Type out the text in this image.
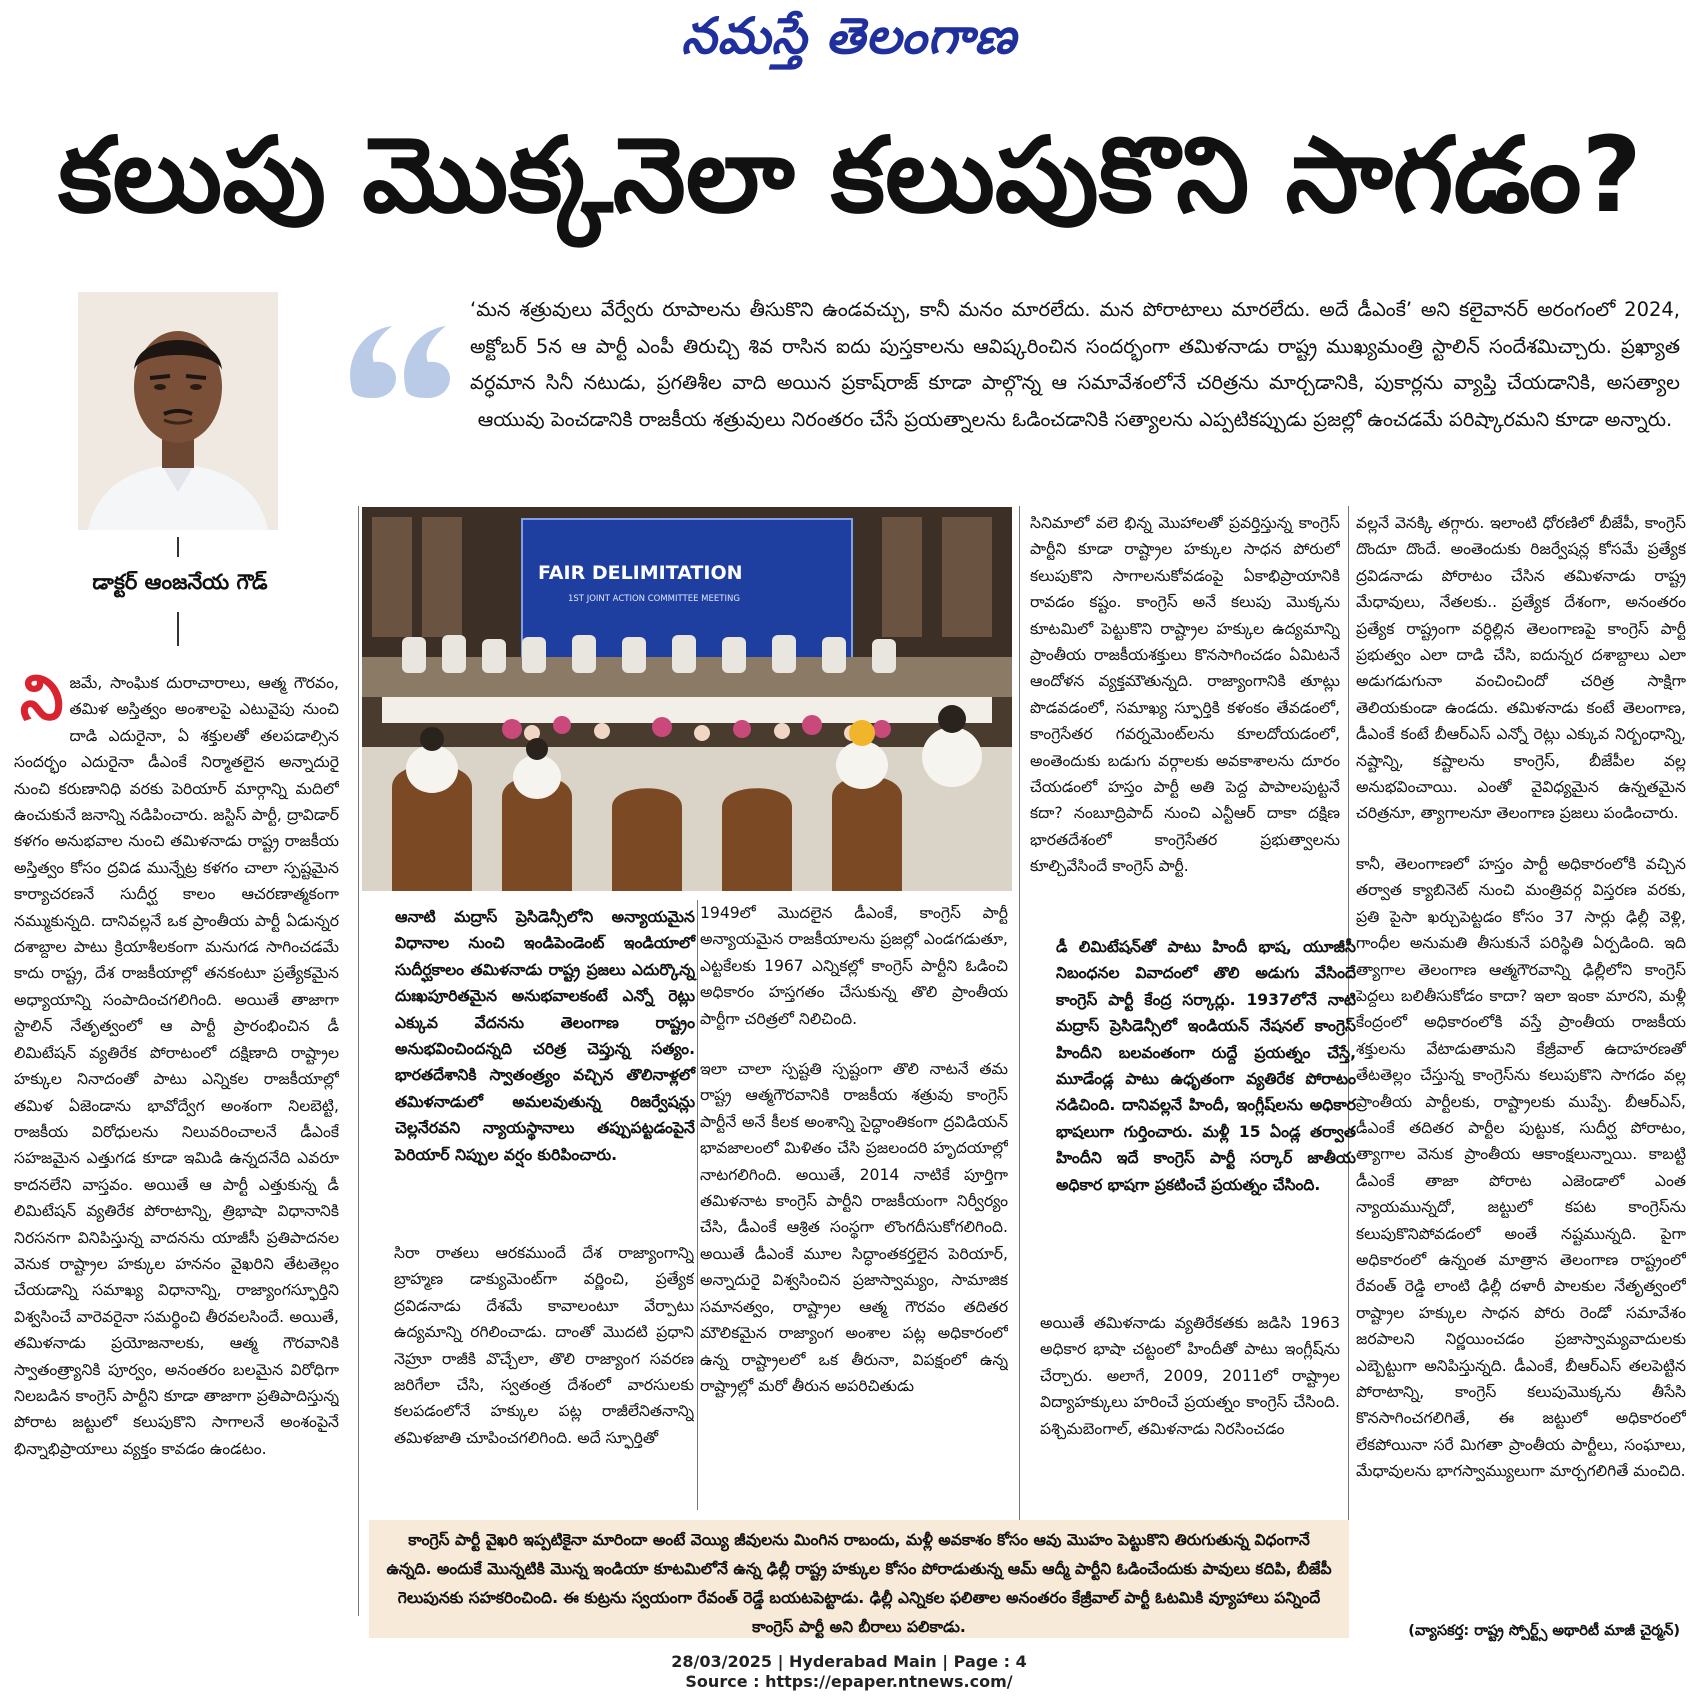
నమస్తే తెలంగాణ
కలుపు మొక్కనెలా కలుపుకొని సాగడం?
డాక్టర్ ఆంజనేయ గౌడ్
‘మన శత్రువులు వేర్వేరు రూపాలను తీసుకొని ఉండవచ్చు, కానీ మనం మారలేదు. మన పోరాటాలు మారలేదు. అదే డీఎంకే’ అని కలైవానర్ అరంగంలో 2024, అక్టోబర్ 5న ఆ పార్టీ ఎంపీ తిరుచ్చి శివ రాసిన ఐదు పుస్తకాలను ఆవిష్కరించిన సందర్భంగా తమిళనాడు రాష్ట్ర ముఖ్యమంత్రి స్టాలిన్ సందేశమిచ్చారు. ప్రఖ్యాత వర్ధమాన సినీ నటుడు, ప్రగతిశీల వాది అయిన ప్రకాష్‌రాజ్ కూడా పాల్గొన్న ఆ సమావేశంలోనే చరిత్రను మార్చడానికి, పుకార్లను వ్యాప్తి చేయడానికి, అసత్యాల ఆయువు పెంచడానికి రాజకీయ శత్రువులు నిరంతరం చేసే ప్రయత్నాలను ఓడించడానికి సత్యాలను ఎప్పటికప్పుడు ప్రజల్లో ఉంచడమే పరిష్కారమని కూడా అన్నారు.
FAIR DELIMITATION
1ST JOINT ACTION COMMITTEE MEETING

నిజమే, సాంఘిక దురాచారాలు, ఆత్మ గౌరవం, తమిళ అస్తిత్వం అంశాలపై ఎటువైపు నుంచి దాడి ఎదురైనా, ఏ శక్తులతో తలపడాల్సిన సందర్భం ఎదురైనా డీఎంకే నిర్మాతలైన అన్నాదురై నుంచి కరుణానిధి వరకు పెరియార్ మార్గాన్ని మదిలో ఉంచుకునే జనాన్ని నడిపించారు. జస్టిస్ పార్టీ, ద్రావిడార్ కళగం అనుభవాల నుంచి తమిళనాడు రాష్ట్ర రాజకీయ అస్తిత్వం కోసం ద్రవిడ మున్నేట్ర కళగం చాలా స్పష్టమైన కార్యాచరణనే సుదీర్ఘ కాలం ఆచరణాత్మకంగా నమ్ముకున్నది. దానివల్లనే ఒక ప్రాంతీయ పార్టీ ఏడున్నర దశాబ్దాల పాటు క్రియాశీలకంగా మనుగడ సాగించడమే కాదు రాష్ట్ర, దేశ రాజకీయాల్లో తనకంటూ ప్రత్యేకమైన అధ్యాయాన్ని సంపాదించగలిగింది. అయితే తాజాగా స్టాలిన్ నేతృత్వంలో ఆ పార్టీ ప్రారంభించిన డీ లిమిటేషన్ వ్యతిరేక పోరాటంలో దక్షిణాది రాష్ట్రాల హక్కుల నినాదంతో పాటు ఎన్నికల రాజకీయాల్లో తమిళ ఏజెండాను భావోద్వేగ అంశంగా నిలబెట్టి, రాజకీయ విరోధులను నిలువరించాలనే డీఎంకే సహజమైన ఎత్తుగడ కూడా ఇమిడి ఉన్నదనేది ఎవరూ కాదనలేని వాస్తవం. అయితే ఆ పార్టీ ఎత్తుకున్న డీ లిమిటేషన్ వ్యతిరేక పోరాటాన్ని, త్రిభాషా విధానానికి నిరసనగా వినిపిస్తున్న వాదనను యాజీసీ ప్రతిపాదనల వెనుక రాష్ట్రాల హక్కుల హననం వైఖరిని తేటతెల్లం చేయడాన్ని సమాఖ్య విధానాన్ని, రాజ్యాంగస్ఫూర్తిని విశ్వసించే వారెవరైనా సమర్థించి తీరవలసిందే. అయితే, తమిళనాడు ప్రయోజనాలకు, ఆత్మ గౌరవానికి స్వాతంత్ర్యానికి పూర్వం, అనంతరం బలమైన విరోధిగా నిలబడిన కాంగ్రెస్ పార్టీని కూడా తాజాగా ప్రతిపాదిస్తున్న పోరాట జట్టులో కలుపుకొని సాగాలనే అంశంపైనే భిన్నాభిప్రాయాలు వ్యక్తం కావడం ఉండటం.

ఆనాటి మద్రాస్ ప్రెసిడెన్సీలోని అన్యాయమైన విధానాల నుంచి ఇండిపెండెంట్ ఇండియాలో సుదీర్ఘకాలం తమిళనాడు రాష్ట్ర ప్రజలు ఎదుర్కొన్న దుఃఖపూరితమైన అనుభవాలకంటే ఎన్నో రెట్లు ఎక్కువ వేదనను తెలంగాణ రాష్ట్రం అనుభవించిందన్నది చరిత్ర చెప్తున్న సత్యం. భారతదేశానికి స్వాతంత్ర్యం వచ్చిన తొలినాళ్లలో తమిళనాడులో అమలవుతున్న రిజర్వేషన్లు చెల్లనేరవని న్యాయస్థానాలు తప్పుపట్టడంపైనే పెరియార్ నిప్పుల వర్షం కురిపించారు.

సిరా రాతలు ఆరకముందే దేశ రాజ్యాంగాన్ని బ్రాహ్మణ డాక్యుమెంట్‌గా వర్ణించి, ప్రత్యేక ద్రవిడనాడు దేశమే కావాలంటూ వేర్పాటు ఉద్యమాన్ని రగిలించాడు. దాంతో మొదటి ప్రధాని నెహ్రూ రాజీకి వొచ్చేలా, తొలి రాజ్యాంగ సవరణ జరిగేలా చేసి, స్వతంత్ర దేశంలో వారసులకు కలపడంలోనే హక్కుల పట్ల రాజీలేనితనాన్ని తమిళజాతి చూపించగలిగింది. అదే స్ఫూర్తితో

1949లో మొదలైన డీఎంకే, కాంగ్రెస్ పార్టీ అన్యాయమైన రాజకీయాలను ప్రజల్లో ఎండగడుతూ, ఎట్టకేలకు 1967 ఎన్నికల్లో కాంగ్రెస్ పార్టీని ఓడించి అధికారం హస్తగతం చేసుకున్న తొలి ప్రాంతీయ పార్టీగా చరిత్రలో నిలిచింది.

ఇలా చాలా స్పష్టతి స్పష్టంగా తొలి నాటనే తమ రాష్ట్ర ఆత్మగౌరవానికి రాజకీయ శత్రువు కాంగ్రెస్ పార్టీనే అనే కీలక అంశాన్ని సైద్ధాంతికంగా ద్రవిడియన్ భావజాలంలో మిళితం చేసి ప్రజలందరి హృదయాల్లో నాటగలిగింది. అయితే, 2014 నాటికే పూర్తిగా తమిళనాట కాంగ్రెస్ పార్టీని రాజకీయంగా నిర్వీర్యం చేసి, డీఎంకే ఆశ్రిత సంస్థగా లొంగదీసుకోగలిగింది. అయితే డీఎంకే మూల సిద్ధాంతకర్తలైన పెరియార్, అన్నాదురై విశ్వసించిన ప్రజాస్వామ్యం, సామాజిక సమానత్వం, రాష్ట్రాల ఆత్మ గౌరవం తదితర మౌలికమైన రాజ్యాంగ అంశాల పట్ల అధికారంలో ఉన్న రాష్ట్రాలలో ఒక తీరునా, విపక్షంలో ఉన్న రాష్ట్రాల్లో మరో తీరున అపరిచితుడు

సినిమాలో వలె భిన్న మొహాలతో ప్రవర్తిస్తున్న కాంగ్రెస్ పార్టీని కూడా రాష్ట్రాల హక్కుల సాధన పోరులో కలుపుకొని సాగాలనుకోవడంపై ఏకాభిప్రాయానికి రావడం కష్టం. కాంగ్రెస్ అనే కలుపు మొక్కను కూటమిలో పెట్టుకొని రాష్ట్రాల హక్కుల ఉద్యమాన్ని ప్రాంతీయ రాజకీయశక్తులు కొనసాగించడం ఏమిటనే ఆందోళన వ్యక్తమౌతున్నది. రాజ్యాంగానికి తూట్లు పొడవడంలో, సమాఖ్య స్ఫూర్తికి కళంకం తేవడంలో, కాంగ్రెసేతర గవర్నమెంట్‌లను కూలదోయడంలో, అంతెందుకు బడుగు వర్గాలకు అవకాశాలను దూరం చేయడంలో హస్తం పార్టీ అతి పెద్ద పాపాలపుట్టనే కదా? నంబూద్రిపాద్ నుంచి ఎన్టీఆర్ దాకా దక్షిణ భారతదేశంలో కాంగ్రెసేతర ప్రభుత్వాలను కూల్చివేసిందే కాంగ్రెస్ పార్టీ.

డీ లిమిటేషన్‌తో పాటు హిందీ భాష, యూజీసీ నిబంధనల వివాదంలో తొలి అడుగు వేసిందే కాంగ్రెస్ పార్టీ కేంద్ర సర్కార్లు. 1937లోనే నాటి మద్రాస్ ప్రెసిడెన్సీలో ఇండియన్ నేషనల్ కాంగ్రెస్ హిందీని బలవంతంగా రుద్దే ప్రయత్నం చేస్తే, మూడేండ్ల పాటు ఉధృతంగా వ్యతిరేక పోరాటం నడిచింది. దానివల్లనే హిందీ, ఇంగ్లీష్‌లను అధికార భాషలుగా గుర్తించారు. మళ్లీ 15 ఏండ్ల తర్వాత హిందీని ఇదే కాంగ్రెస్ పార్టీ సర్కార్ జాతీయ అధికార భాషగా ప్రకటించే ప్రయత్నం చేసింది.

అయితే తమిళనాడు వ్యతిరేకతకు జడిసి 1963 అధికార భాషా చట్టంలో హిందీతో పాటు ఇంగ్లీష్‌ను చేర్చారు. అలాగే, 2009, 2011లో రాష్ట్రాల విద్యాహక్కులు హరించే ప్రయత్నం కాంగ్రెస్ చేసింది. పశ్చిమబెంగాల్, తమిళనాడు నిరసించడం

వల్లనే వెనక్కి తగ్గారు. ఇలాంటి ధోరణిలో బీజేపీ, కాంగ్రెస్ దొందూ దొందే. అంతెందుకు రిజర్వేషన్ల కోసమే ప్రత్యేక ద్రవిడనాడు పోరాటం చేసిన తమిళనాడు రాష్ట్ర మేధావులు, నేతలకు.. ప్రత్యేక దేశంగా, అనంతరం ప్రత్యేక రాష్ట్రంగా వర్ధిల్లిన తెలంగాణపై కాంగ్రెస్ పార్టీ ప్రభుత్వం ఎలా దాడి చేసి, ఐదున్నర దశాబ్దాలు ఎలా అడుగడుగునా వంచించిందో చరిత్ర సాక్షిగా తెలియకుండా ఉండదు. తమిళనాడు కంటే తెలంగాణ, డీఎంకే కంటే బీఆర్ఎస్ ఎన్నో రెట్లు ఎక్కువ నిర్బంధాన్ని, నష్టాన్ని, కష్టాలను కాంగ్రెస్, బీజేపీల వల్ల అనుభవించాయి. ఎంతో వైవిధ్యమైన ఉన్నతమైన చరిత్రనూ, త్యాగాలనూ తెలంగాణ ప్రజలు పండించారు.

కానీ, తెలంగాణలో హస్తం పార్టీ అధికారంలోకి వచ్చిన తర్వాత క్యాబినెట్ నుంచి మంత్రివర్గ విస్తరణ వరకు, ప్రతి పైసా ఖర్చుపెట్టడం కోసం 37 సార్లు ఢిల్లీ వెళ్లి, గాంధీల అనుమతి తీసుకునే పరిస్థితి ఏర్పడింది. ఇది త్యాగాల తెలంగాణ ఆత్మగౌరవాన్ని ఢిల్లీలోని కాంగ్రెస్ పెద్దలు బలితీసుకోడం కాదా? ఇలా ఇంకా మారని, మళ్లీ కేంద్రంలో అధికారంలోకి వస్తే ప్రాంతీయ రాజకీయ శక్తులను వేటాడుతామని కేజ్రీవాల్ ఉదాహరణతో తేటతెల్లం చేస్తున్న కాంగ్రెస్‌ను కలుపుకొని సాగడం వల్ల ప్రాంతీయ పార్టీలకు, రాష్ట్రాలకు ముప్పే. బీఆర్ఎస్, డీఎంకే తదితర పార్టీల పుట్టుక, సుదీర్ఘ పోరాటం, త్యాగాల వెనుక ప్రాంతీయ ఆకాంక్షలున్నాయి. కాబట్టి డీఎంకే తాజా పోరాట ఎజెండాలో ఎంత న్యాయమున్నదో, జట్టులో కపట కాంగ్రెస్‌ను కలుపుకొనిపోవడంలో అంతే నష్టమున్నది. పైగా అధికారంలో ఉన్నంత మాత్రాన తెలంగాణ రాష్ట్రంలో రేవంత్ రెడ్డి లాంటి ఢిల్లీ దళారీ పాలకుల నేతృత్వంలో రాష్ట్రాల హక్కుల సాధన పోరు రెండో సమావేశం జరపాలని నిర్ణయించడం ప్రజాస్వామ్యవాదులకు ఎబ్బెట్టుగా అనిపిస్తున్నది. డీఎంకే, బీఆర్ఎస్ తలపెట్టిన పోరాటాన్ని, కాంగ్రెస్ కలుపుమొక్కను తీసేసి కొనసాగించగలిగితే, ఈ జట్టులో అధికారంలో లేకపోయినా సరే మిగతా ప్రాంతీయ పార్టీలు, సంఘాలు, మేధావులను భాగస్వామ్యులుగా మార్చగలిగితే మంచిది.

కాంగ్రెస్ పార్టీ వైఖరి ఇప్పటికైనా మారిందా అంటే వెయ్యి జీవులను మింగిన రాబందు, మళ్లీ అవకాశం కోసం ఆవు మొహం పెట్టుకొని తిరుగుతున్న విధంగానే ఉన్నది. అందుకే మొన్నటికి మొన్న ఇండియా కూటమిలోనే ఉన్న ఢిల్లీ రాష్ట్ర హక్కుల కోసం పోరాడుతున్న ఆమ్ ఆద్మీ పార్టీని ఓడించేందుకు పావులు కదిపి, బీజేపీ గెలుపునకు సహకరించింది. ఈ కుట్రను స్వయంగా రేవంత్ రెడ్డే బయటపెట్టాడు. ఢిల్లీ ఎన్నికల ఫలితాల అనంతరం కేజ్రీవాల్ పార్టీ ఓటమికి వ్యూహాలు పన్నిందే కాంగ్రెస్ పార్టీ అని బీరాలు పలికాడు.	(వ్యాసకర్త: రాష్ట్ర స్పోర్ట్స్ అథారిటీ మాజీ చైర్మన్)
28/03/2025 | Hyderabad Main | Page : 4
Source : https://epaper.ntnews.com/
